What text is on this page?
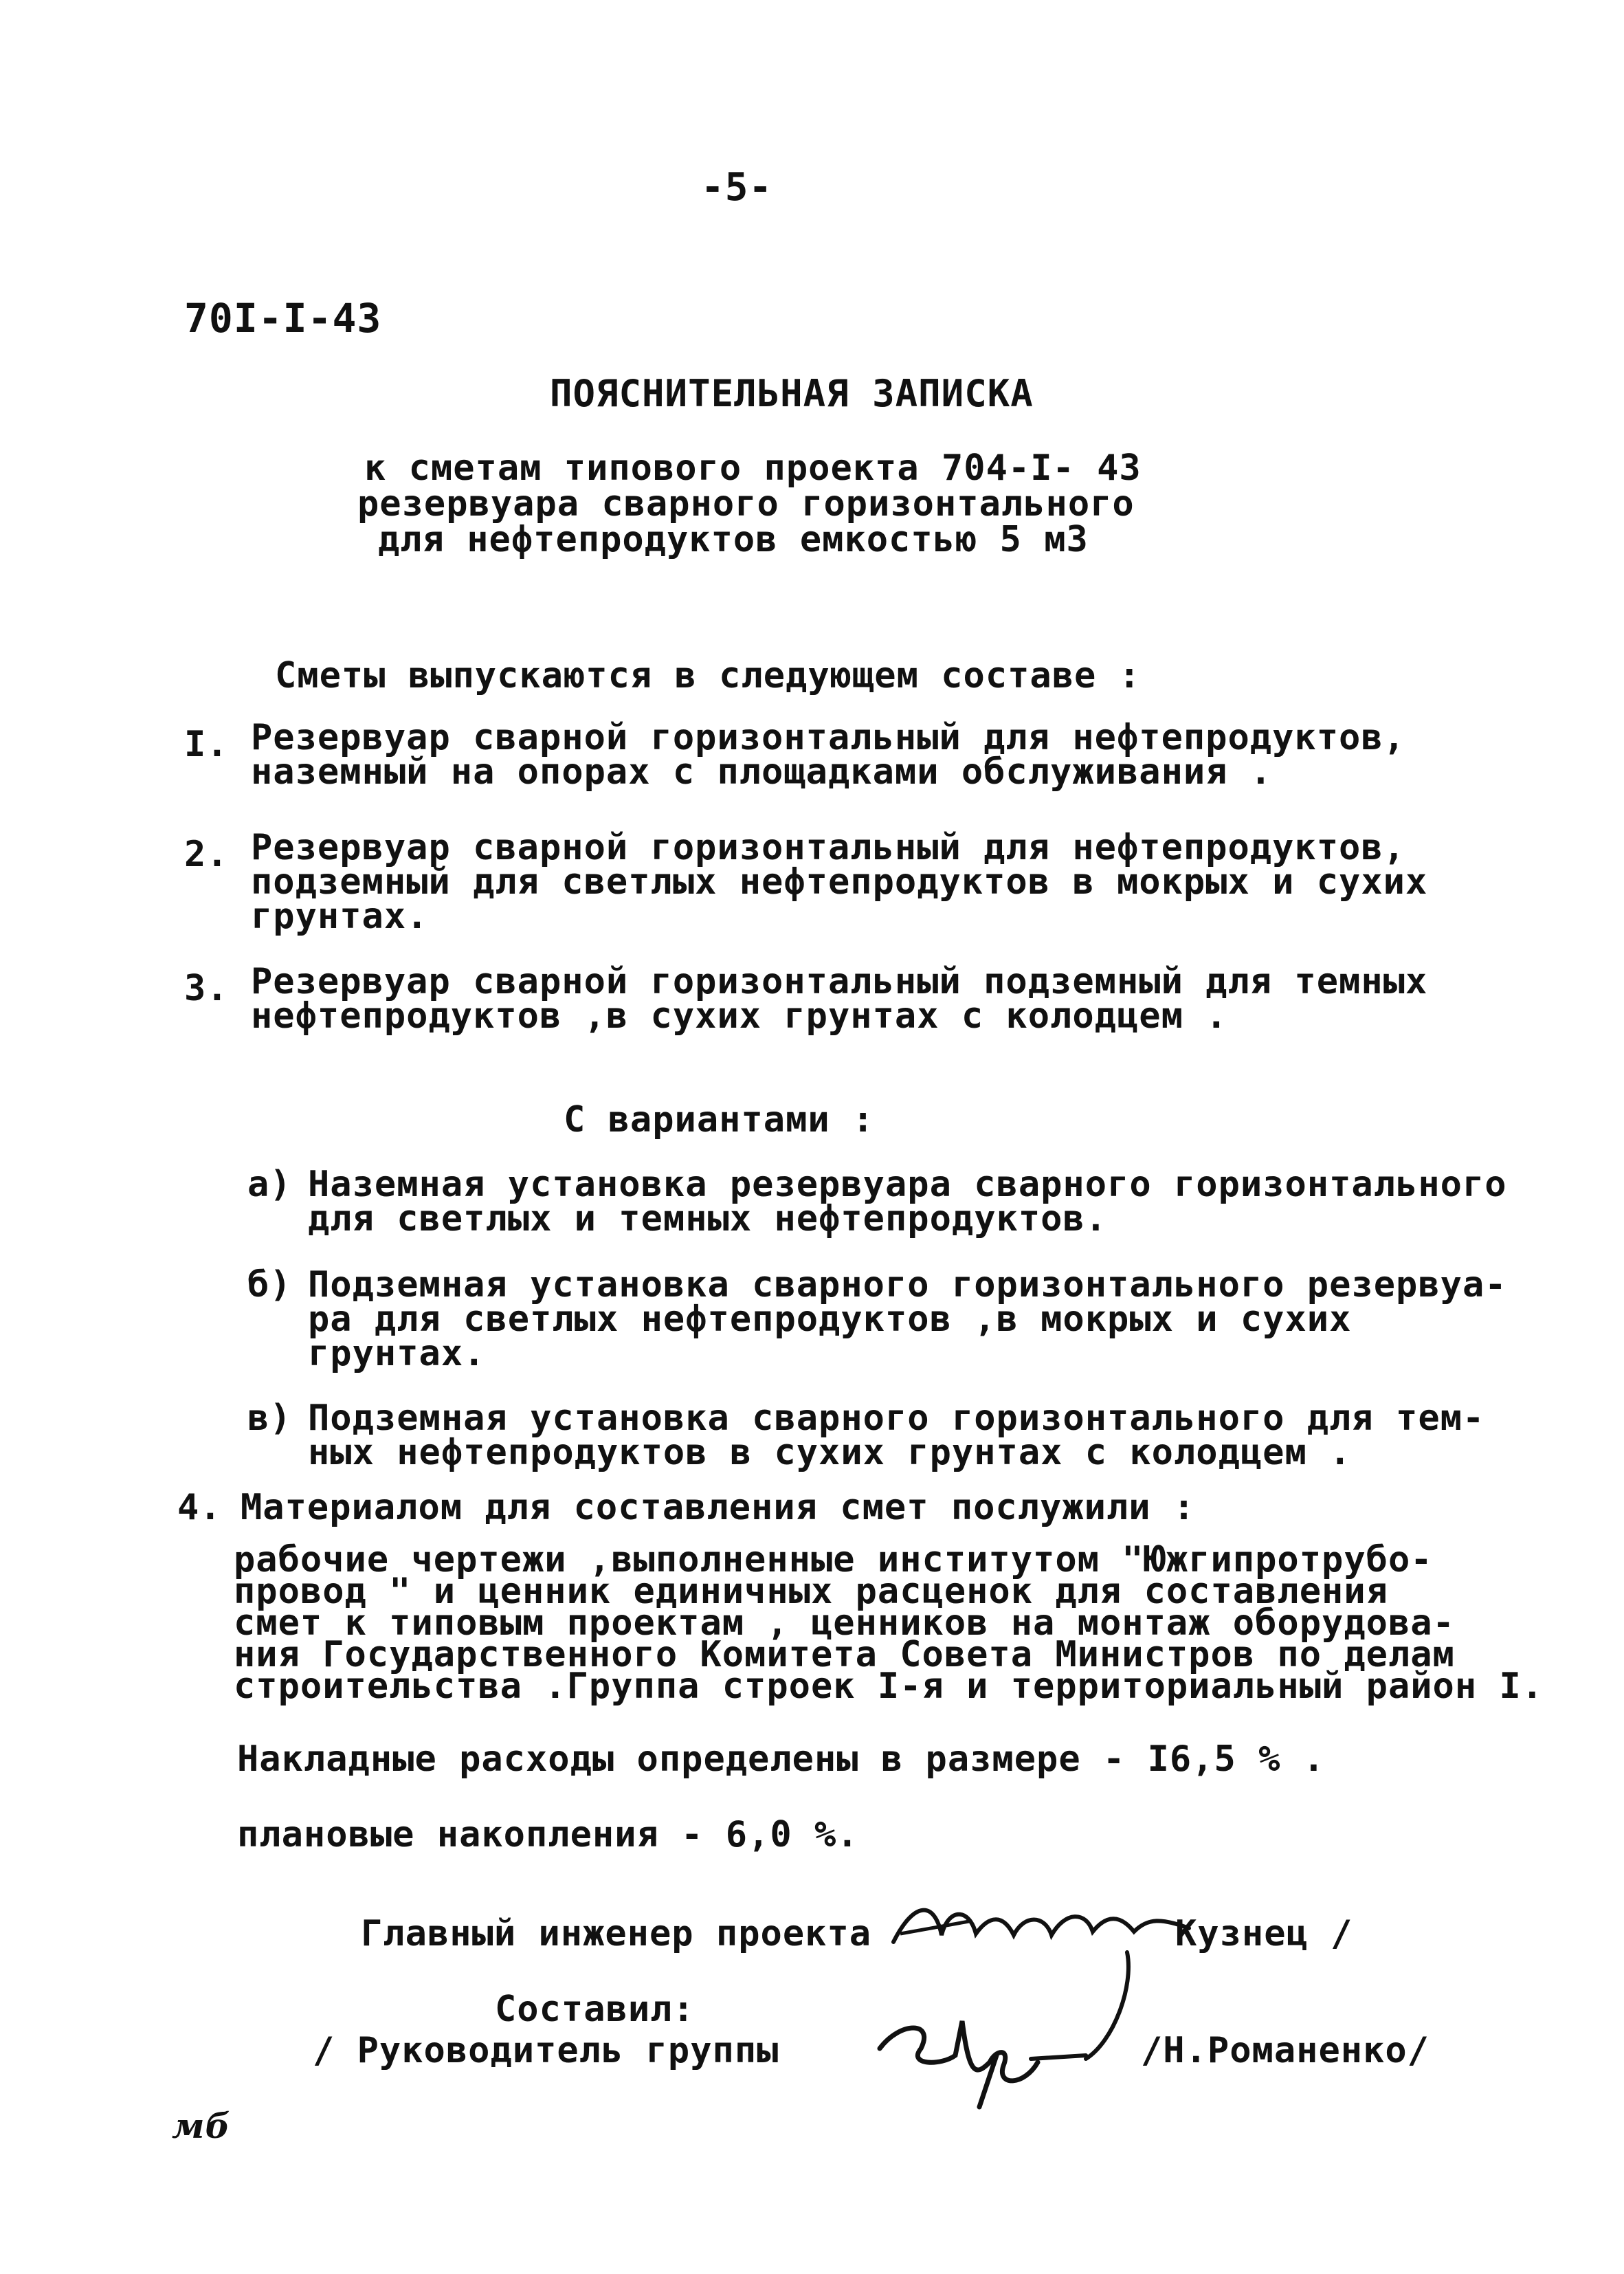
-5-
70I-I-43
ПОЯСНИТЕЛЬНАЯ ЗАПИСКА
к сметам типового проекта 704-I- 43
резервуара сварного горизонтального
для нефтепродуктов емкостью 5 м3
Сметы выпускаются в следующем составе :
I. Резервуар сварной горизонтальный для нефтепродуктов,
наземный на опорах с площадками обслуживания .
2. Резервуар сварной горизонтальный для нефтепродуктов,
подземный для светлых нефтепродуктов в мокрых и сухих
грунтах.
3. Резервуар сварной горизонтальный подземный для темных
нефтепродуктов ,в сухих грунтах с колодцем .
С вариантами :
а) Наземная установка резервуара сварного горизонтального
для светлых и темных нефтепродуктов.
б) Подземная установка сварного горизонтального резервуа-
ра для светлых нефтепродуктов ,в мокрых и сухих
грунтах.
в) Подземная установка сварного горизонтального для тем-
ных нефтепродуктов в сухих грунтах с колодцем .
4. Материалом для составления смет послужили :
рабочие чертежи ,выполненные институтом "Южгипротрубо-
провод " и ценник единичных расценок для составления
смет к типовым проектам , ценников на монтаж оборудова-
ния Государственного Комитета Совета Министров по делам
строительства .Группа строек I-я и территориальный район I.
Накладные расходы определены в размере - I6,5 % .
плановые накопления - 6,0 %.
Главный инженер проекта	Кузнец /
Составил:
/ Руководитель группы	/Н.Романенко/
мб
